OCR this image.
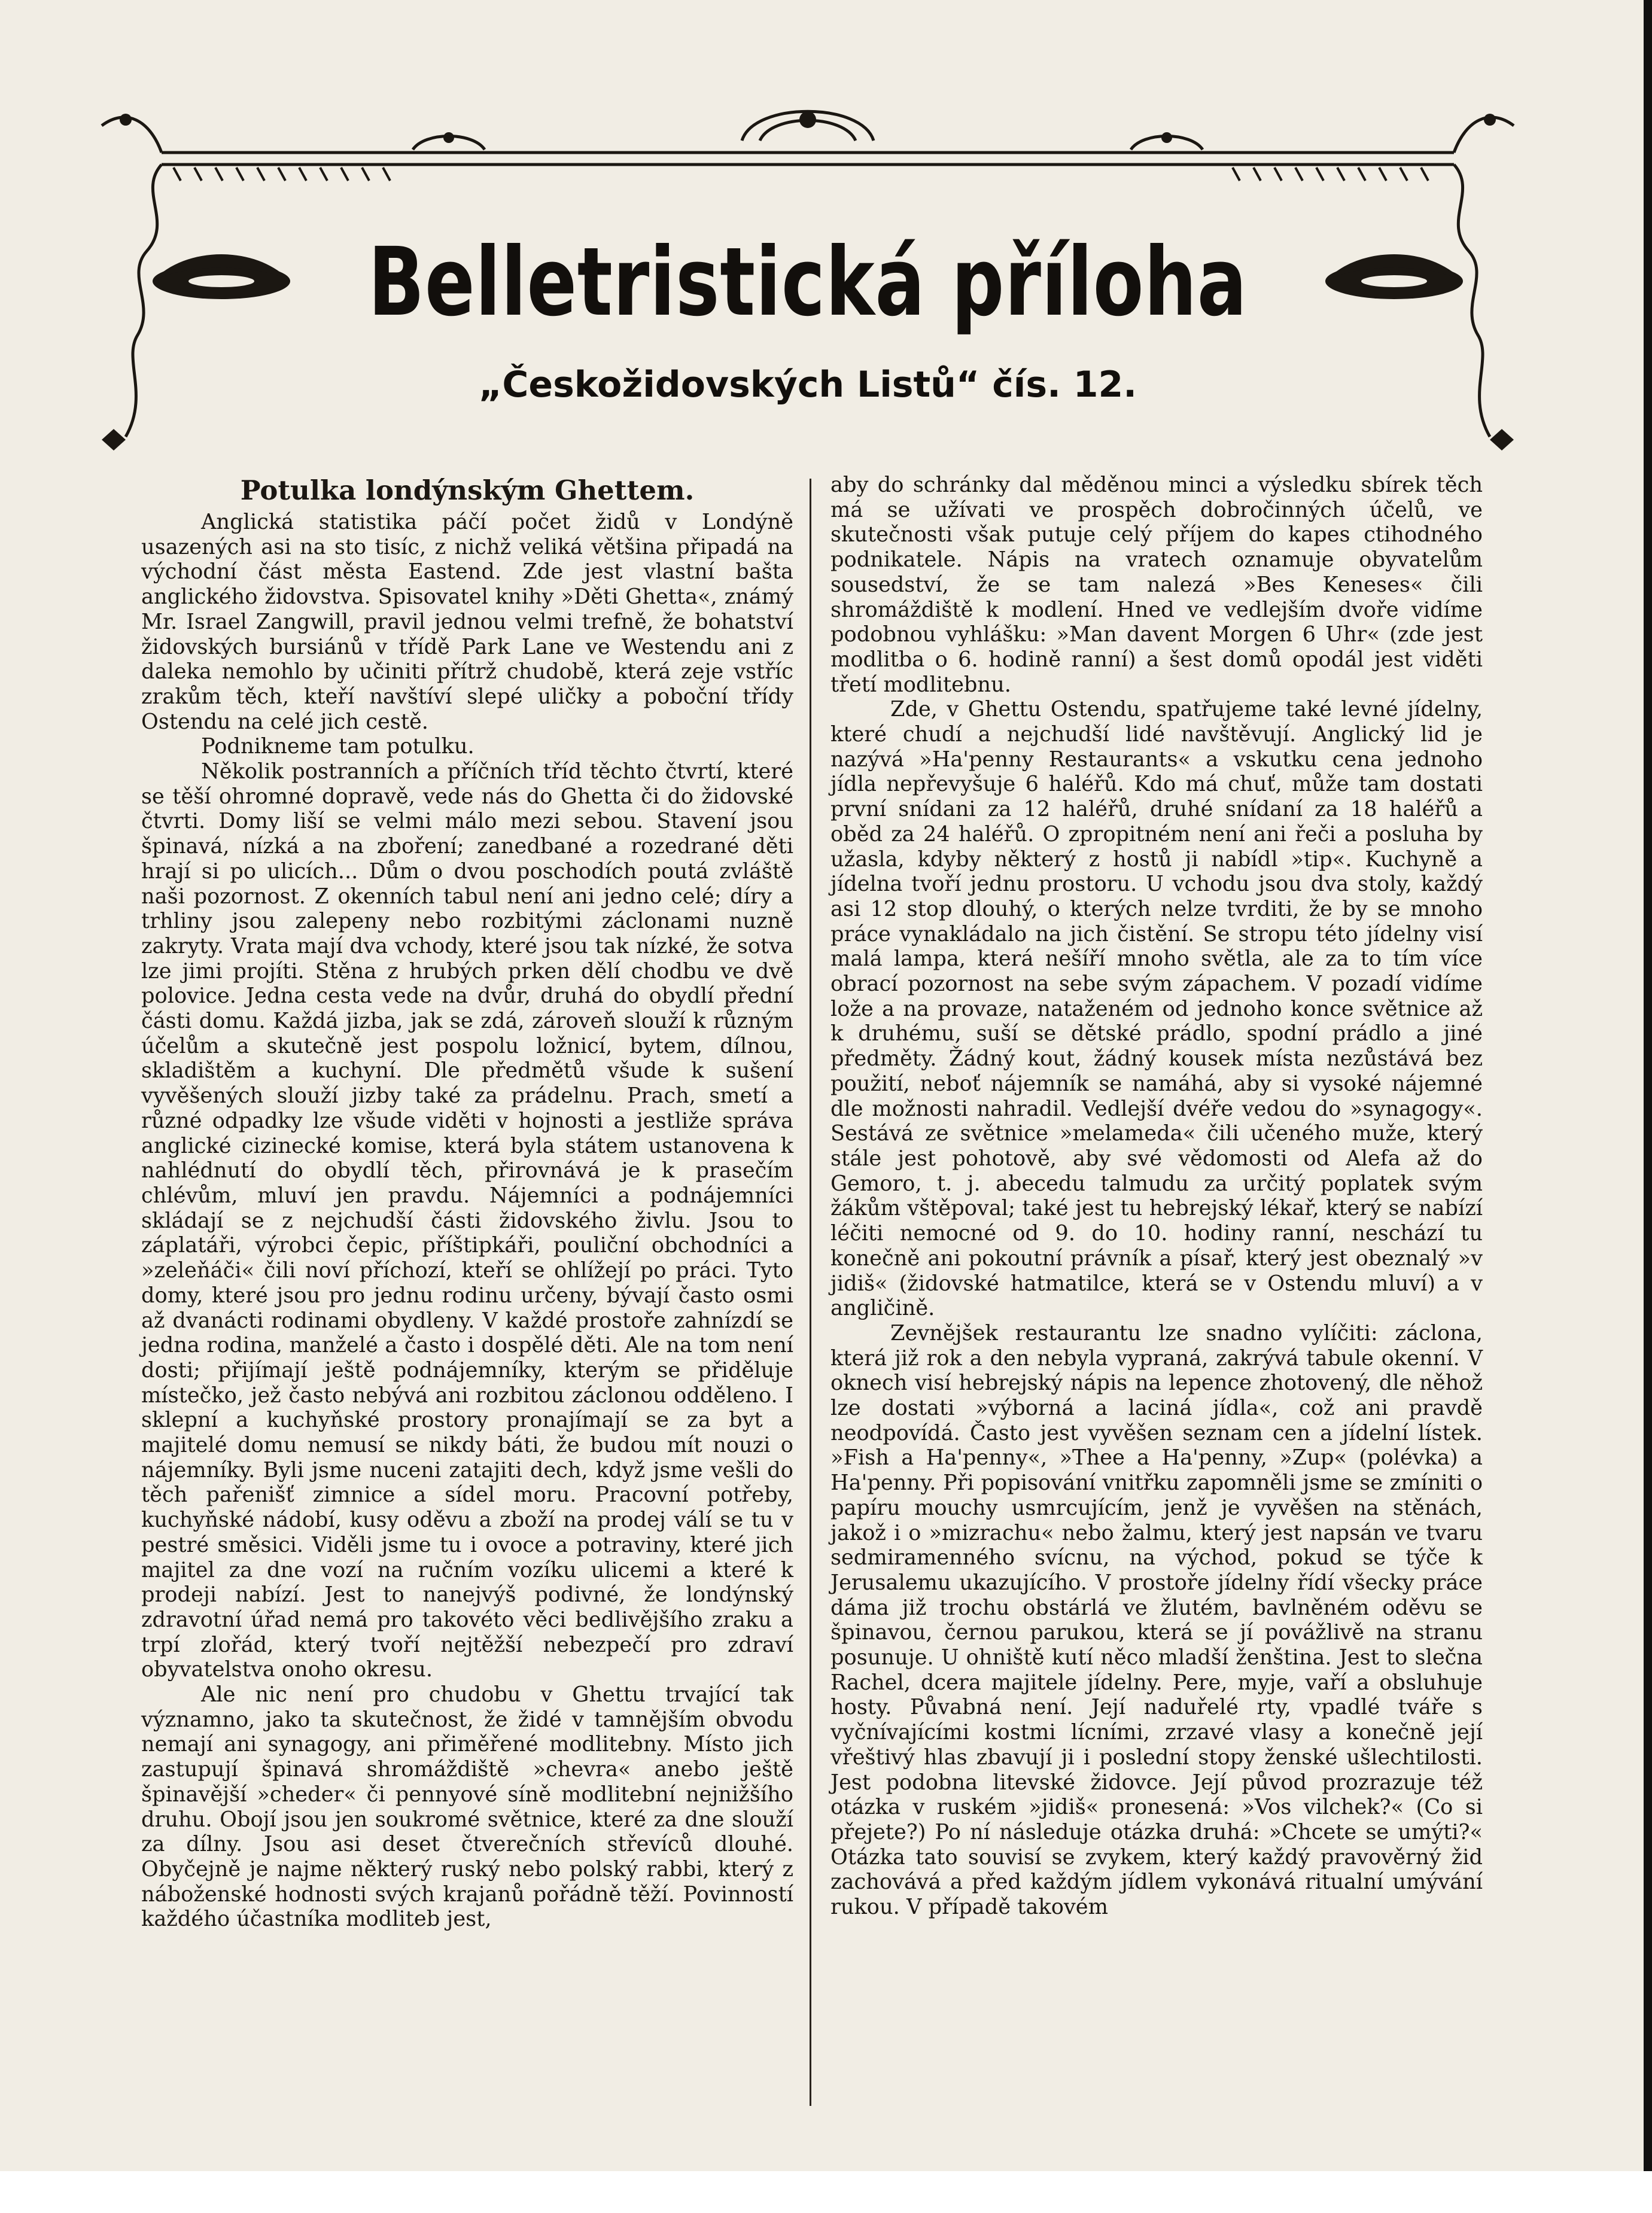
Belletristická příloha
„Českožidovských Listů“ čís. 12.
Potulka londýnským Ghettem.

Anglická statistika páčí počet židů v Londýně usazených asi na sto tisíc, z nichž veliká většina připadá na východní část města Eastend. Zde jest vlastní bašta anglického židovstva. Spisovatel knihy »Děti Ghetta«, známý Mr. Israel Zangwill, pravil jednou velmi trefně, že bohatství židovských bursiánů v třídě Park Lane ve Westendu ani z daleka nemohlo by učiniti přítrž chudobě, která zeje vstříc zrakům těch, kteří navštíví slepé uličky a poboční třídy Ostendu na celé jich cestě.

Podnikneme tam potulku.

Několik postranních a příčních tříd těchto čtvrtí, které se těší ohromné dopravě, vede nás do Ghetta či do židovské čtvrti. Domy liší se velmi málo mezi sebou. Stavení jsou špinavá, nízká a na zboření; zanedbané a rozedrané děti hrají si po ulicích... Dům o dvou poschodích poutá zvláště naši pozornost. Z okenních tabul není ani jedno celé; díry a trhliny jsou zalepeny nebo rozbitými záclonami nuzně zakryty. Vrata mají dva vchody, které jsou tak nízké, že sotva lze jimi projíti. Stěna z hrubých prken dělí chodbu ve dvě polovice. Jedna cesta vede na dvůr, druhá do obydlí přední části domu. Každá jizba, jak se zdá, zároveň slouží k různým účelům a skutečně jest pospolu ložnicí, bytem, dílnou, skladištěm a kuchyní. Dle předmětů všude k sušení vyvěšených slouží jizby také za prádelnu. Prach, smetí a různé odpadky lze všude viděti v hojnosti a jestliže správa anglické cizinecké komise, která byla státem ustanovena k nahlédnutí do obydlí těch, přirovnává je k prasečím chlévům, mluví jen pravdu. Nájemníci a podnájemníci skládají se z nejchudší části židovského živlu. Jsou to záplatáři, výrobci čepic, příštipkáři, pouliční obchodníci a »zeleňáči« čili noví příchozí, kteří se ohlížejí po práci. Tyto domy, které jsou pro jednu rodinu určeny, bývají často osmi až dvanácti rodinami obydleny. V každé prostoře zahnízdí se jedna rodina, manželé a často i dospělé děti. Ale na tom není dosti; přijímají ještě podnájemníky, kterým se přiděluje místečko, jež často nebývá ani rozbitou záclonou odděleno. I sklepní a kuchyňské prostory pronajímají se za byt a majitelé domu nemusí se nikdy báti, že budou mít nouzi o nájemníky. Byli jsme nuceni zatajiti dech, když jsme vešli do těch pařenišť zimnice a sídel moru. Pracovní potřeby, kuchyňské nádobí, kusy oděvu a zboží na prodej válí se tu v pestré směsici. Viděli jsme tu i ovoce a potraviny, které jich majitel za dne vozí na ručním vozíku ulicemi a které k prodeji nabízí. Jest to nanejvýš podivné, že londýnský zdravotní úřad nemá pro takovéto věci bedlivějšího zraku a trpí zlořád, který tvoří nejtěžší nebezpečí pro zdraví obyvatelstva onoho okresu.

Ale nic není pro chudobu v Ghettu trvající tak významno, jako ta skutečnost, že židé v tamnějším obvodu nemají ani synagogy, ani přiměřené modlitebny. Místo jich zastupují špinavá shromáždiště »chevra« anebo ještě špinavější »cheder« či pennyové síně modlitební nejnižšího druhu. Obojí jsou jen soukromé světnice, které za dne slouží za dílny. Jsou asi deset čtverečních střevíců dlouhé. Obyčejně je najme některý ruský nebo polský rabbi, který z náboženské hodnosti svých krajanů pořádně těží. Povinností každého účastníka modliteb jest,

aby do schránky dal měděnou minci a výsledku sbírek těch má se užívati ve prospěch dobročinných účelů, ve skutečnosti však putuje celý příjem do kapes ctihodného podnikatele. Nápis na vratech oznamuje obyvatelům sousedství, že se tam nalezá »Bes Keneses« čili shromáždiště k modlení. Hned ve vedlejším dvoře vidíme podobnou vyhlášku: »Man davent Morgen 6 Uhr« (zde jest modlitba o 6. hodině ranní) a šest domů opodál jest viděti třetí modlitebnu.

Zde, v Ghettu Ostendu, spatřujeme také levné jídelny, které chudí a nejchudší lidé navštěvují. Anglický lid je nazývá »Ha'penny Restaurants« a vskutku cena jednoho jídla nepřevyšuje 6 haléřů. Kdo má chuť, může tam dostati první snídani za 12 haléřů, druhé snídaní za 18 haléřů a oběd za 24 haléřů. O zpropitném není ani řeči a posluha by užasla, kdyby některý z hostů ji nabídl »tip«. Kuchyně a jídelna tvoří jednu prostoru. U vchodu jsou dva stoly, každý asi 12 stop dlouhý, o kterých nelze tvrditi, že by se mnoho práce vynakládalo na jich čistění. Se stropu této jídelny visí malá lampa, která nešíří mnoho světla, ale za to tím více obrací pozornost na sebe svým zápachem. V pozadí vidíme lože a na provaze, nataženém od jednoho konce světnice až k druhému, suší se dětské prádlo, spodní prádlo a jiné předměty. Žádný kout, žádný kousek místa nezůstává bez použití, neboť nájemník se namáhá, aby si vysoké nájemné dle možnosti nahradil. Vedlejší dvéře vedou do »synagogy«. Sestává ze světnice »melameda« čili učeného muže, který stále jest pohotově, aby své vědomosti od Alefa až do Gemoro, t. j. abecedu talmudu za určitý poplatek svým žákům vštěpoval; také jest tu hebrejský lékař, který se nabízí léčiti nemocné od 9. do 10. hodiny ranní, neschází tu konečně ani pokoutní právník a písař, který jest obeznalý »v jidiš« (židovské hatmatilce, která se v Ostendu mluví) a v angličině.

Zevnějšek restaurantu lze snadno vylíčiti: záclona, která již rok a den nebyla vypraná, zakrývá tabule okenní. V oknech visí hebrejský nápis na lepence zhotovený, dle něhož lze dostati »výborná a laciná jídla«, což ani pravdě neodpovídá. Často jest vyvěšen seznam cen a jídelní lístek. »Fish a Ha'penny«, »Thee a Ha'penny, »Zup« (polévka) a Ha'penny. Při popisování vnitřku zapomněli jsme se zmíniti o papíru mouchy usmrcujícím, jenž je vyvěšen na stěnách, jakož i o »mizrachu« nebo žalmu, který jest napsán ve tvaru sedmiramenného svícnu, na východ, pokud se týče k Jerusalemu ukazujícího. V prostoře jídelny řídí všecky práce dáma již trochu obstárlá ve žlutém, bavlněném oděvu se špinavou, černou parukou, která se jí povážlivě na stranu posunuje. U ohniště kutí něco mladší ženština. Jest to slečna Rachel, dcera majitele jídelny. Pere, myje, vaří a obsluhuje hosty. Půvabná není. Její naduřelé rty, vpadlé tváře s vyčnívajícími kostmi lícními, zrzavé vlasy a konečně její vřeštivý hlas zbavují ji i poslední stopy ženské ušlechtilosti. Jest podobna litevské židovce. Její původ prozrazuje též otázka v ruském »jidiš« pronesená: »Vos vilchek?« (Co si přejete?) Po ní následuje otázka druhá: »Chcete se umýti?« Otázka tato souvisí se zvykem, který každý pravověrný žid zachovává a před každým jídlem vykonává ritualní umývání rukou. V případě takovém
